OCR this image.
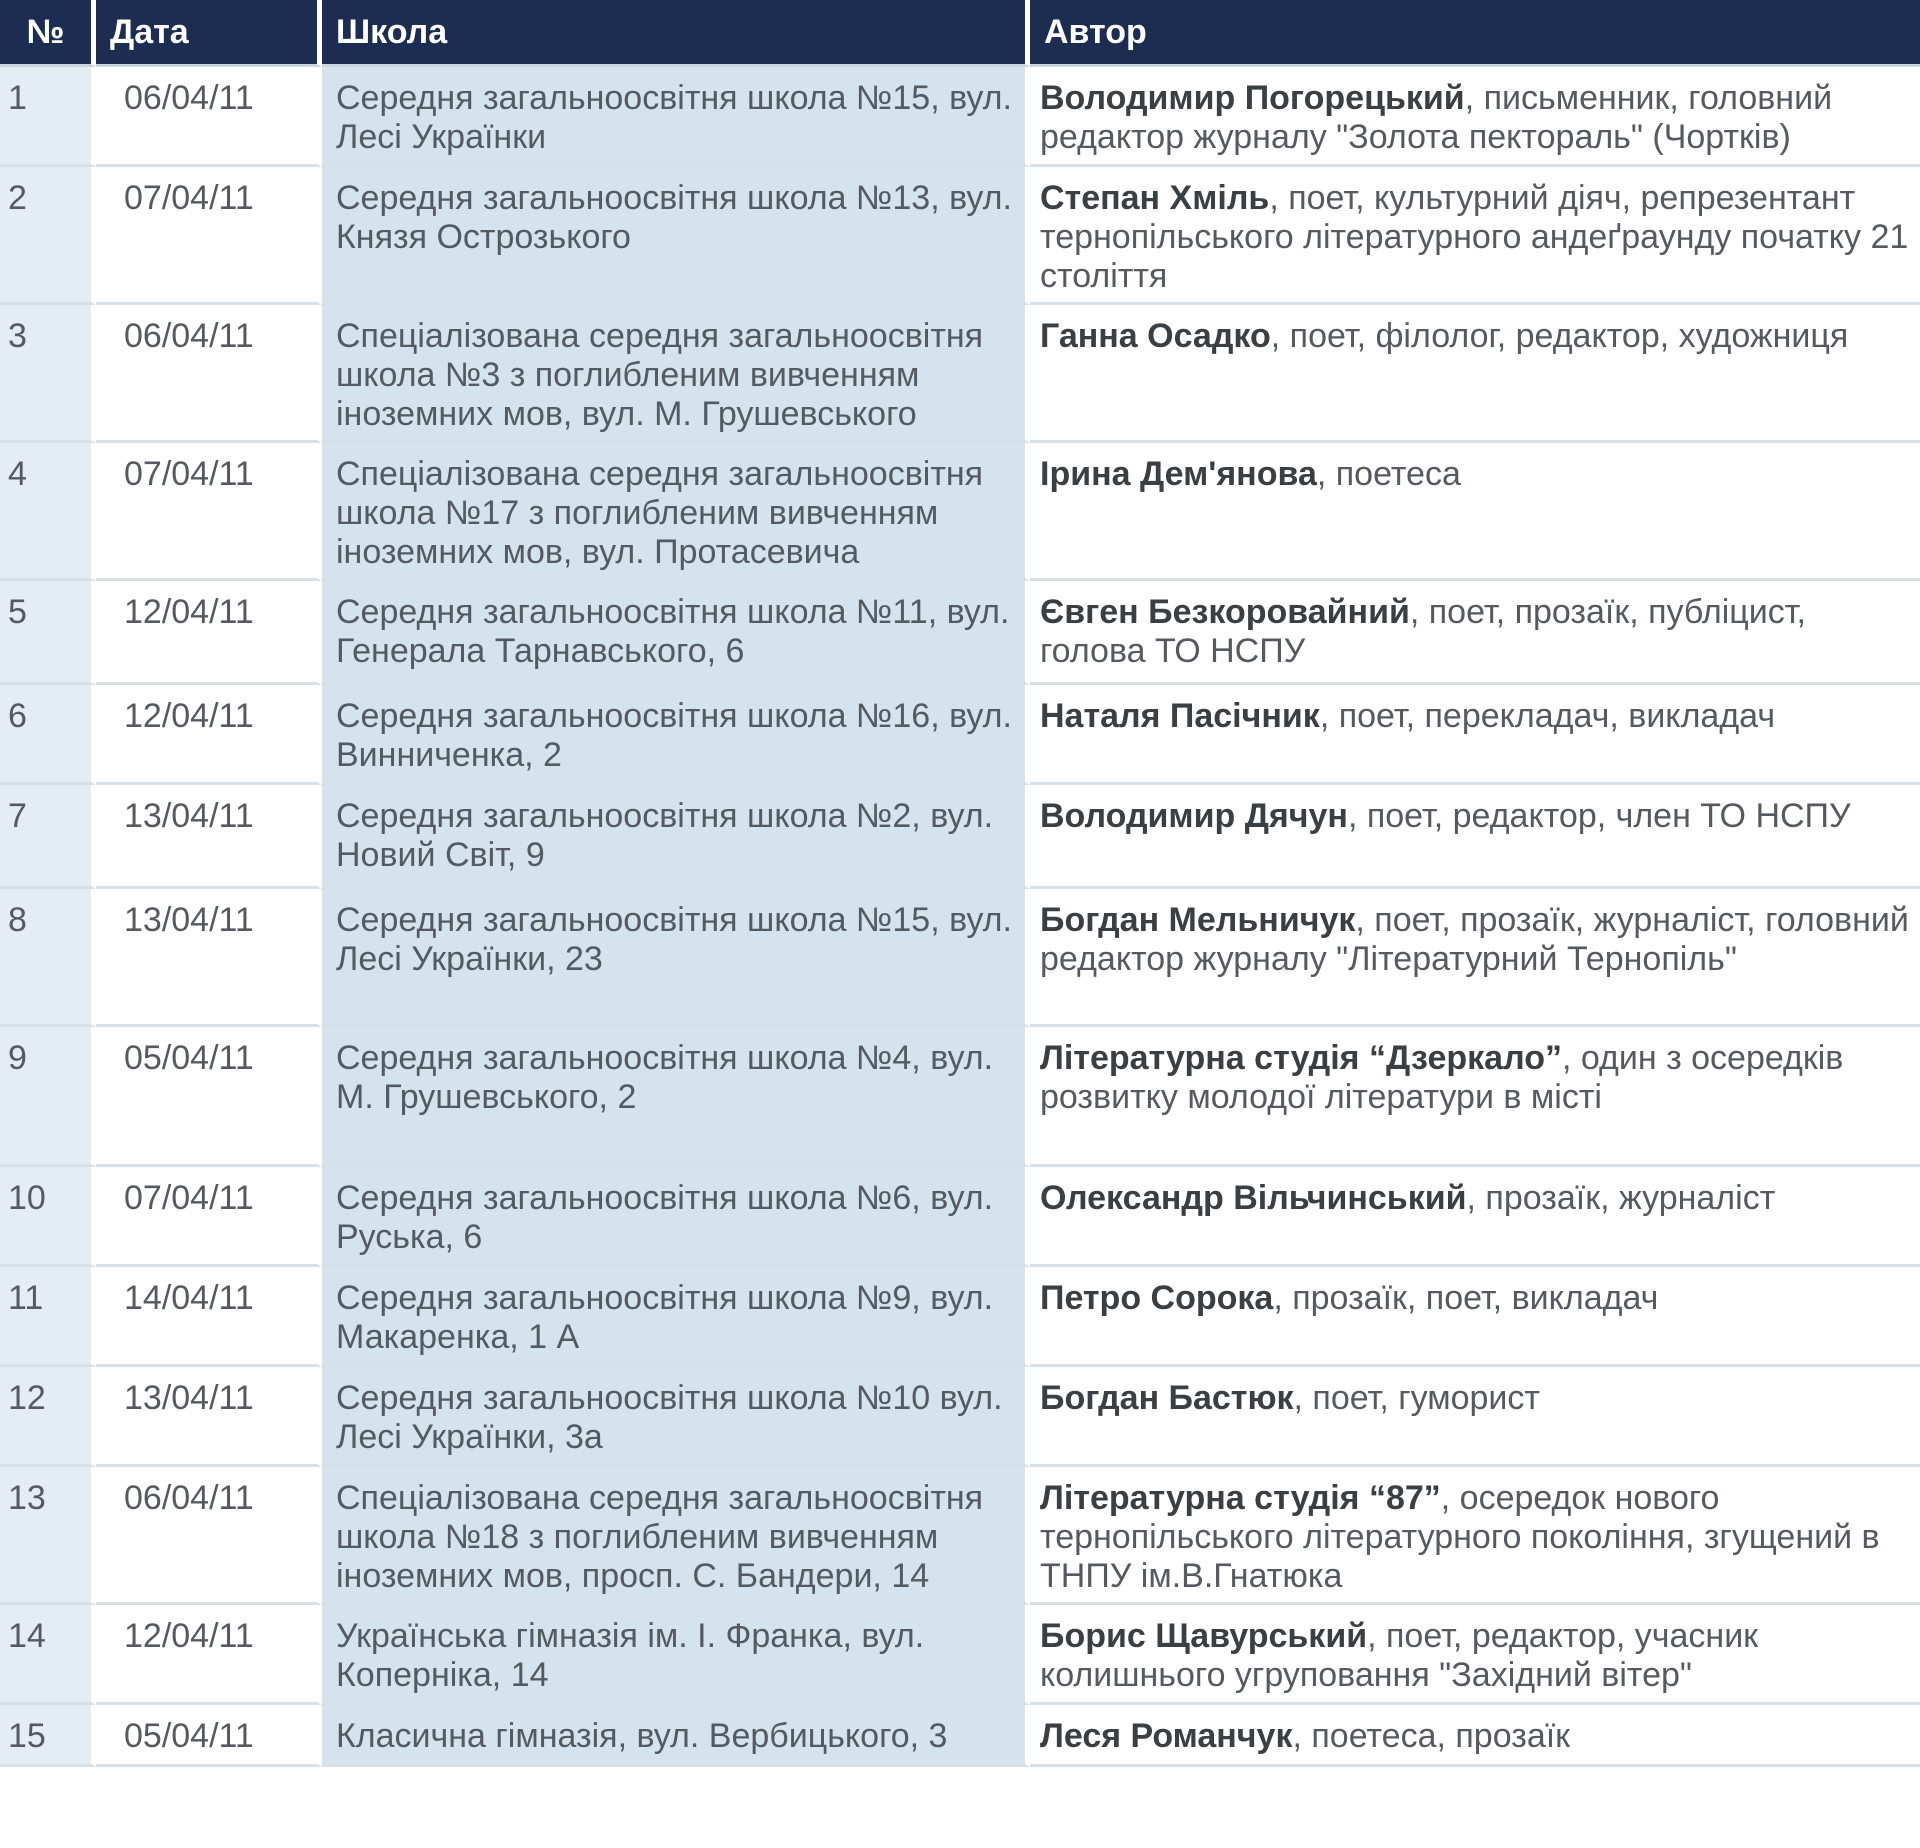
№	Дата	Школа	Автор
1	06/04/11	Середня загальноосвітня школа №15, вул. Лесі Українки	Володимир Погорецький, письменник, головний редактор журналу "Золота пектораль" (Чортків)
2	07/04/11	Середня загальноосвітня школа №13, вул. Князя Острозького	Степан Хміль, поет, культурний діяч, репрезентант тернопільського літературного андеґраунду початку 21 століття
3	06/04/11	Спеціалізована середня загальноосвітня школа №3 з поглибленим вивченням іноземних мов, вул. М. Грушевського	Ганна Осадко, поет, філолог, редактор, художниця
4	07/04/11	Спеціалізована середня загальноосвітня школа №17 з поглибленим вивченням іноземних мов, вул. Протасевича	Ірина Дем'янова, поетеса
5	12/04/11	Середня загальноосвітня школа №11, вул. Генерала Тарнавського, 6	Євген Безкоровайний, поет, прозаїк, публіцист, голова ТО НСПУ
6	12/04/11	Середня загальноосвітня школа №16, вул. Винниченка, 2	Наталя Пасічник, поет, перекладач, викладач
7	13/04/11	Середня загальноосвітня школа №2, вул. Новий Світ, 9	Володимир Дячун, поет, редактор, член ТО НСПУ
8	13/04/11	Середня загальноосвітня школа №15, вул. Лесі Українки, 23	Богдан Мельничук, поет, прозаїк, журналіст, головний редактор журналу "Літературний Тернопіль"
9	05/04/11	Середня загальноосвітня школа №4, вул. М. Грушевського, 2	Літературна студія “Дзеркало”, один з осередків розвитку молодої літератури в місті
10	07/04/11	Середня загальноосвітня школа №6, вул. Руська, 6	Олександр Вільчинський, прозаїк, журналіст
11	14/04/11	Середня загальноосвітня школа №9, вул. Макаренка, 1 А	Петро Сорока, прозаїк, поет, викладач
12	13/04/11	Середня загальноосвітня школа №10 вул. Лесі Українки, 3а	Богдан Бастюк, поет, гуморист
13	06/04/11	Спеціалізована середня загальноосвітня школа №18 з поглибленим вивченням іноземних мов, просп. С. Бандери, 14	Літературна студія “87”, осередок нового тернопільського літературного покоління, згущений в ТНПУ ім.В.Гнатюка
14	12/04/11	Українська гімназія ім. І. Франка, вул. Коперніка, 14	Борис Щавурський, поет, редактор, учасник колишнього угруповання "Західний вітер"
15	05/04/11	Класична гімназія, вул. Вербицького, 3	Леся Романчук, поетеса, прозаїк
